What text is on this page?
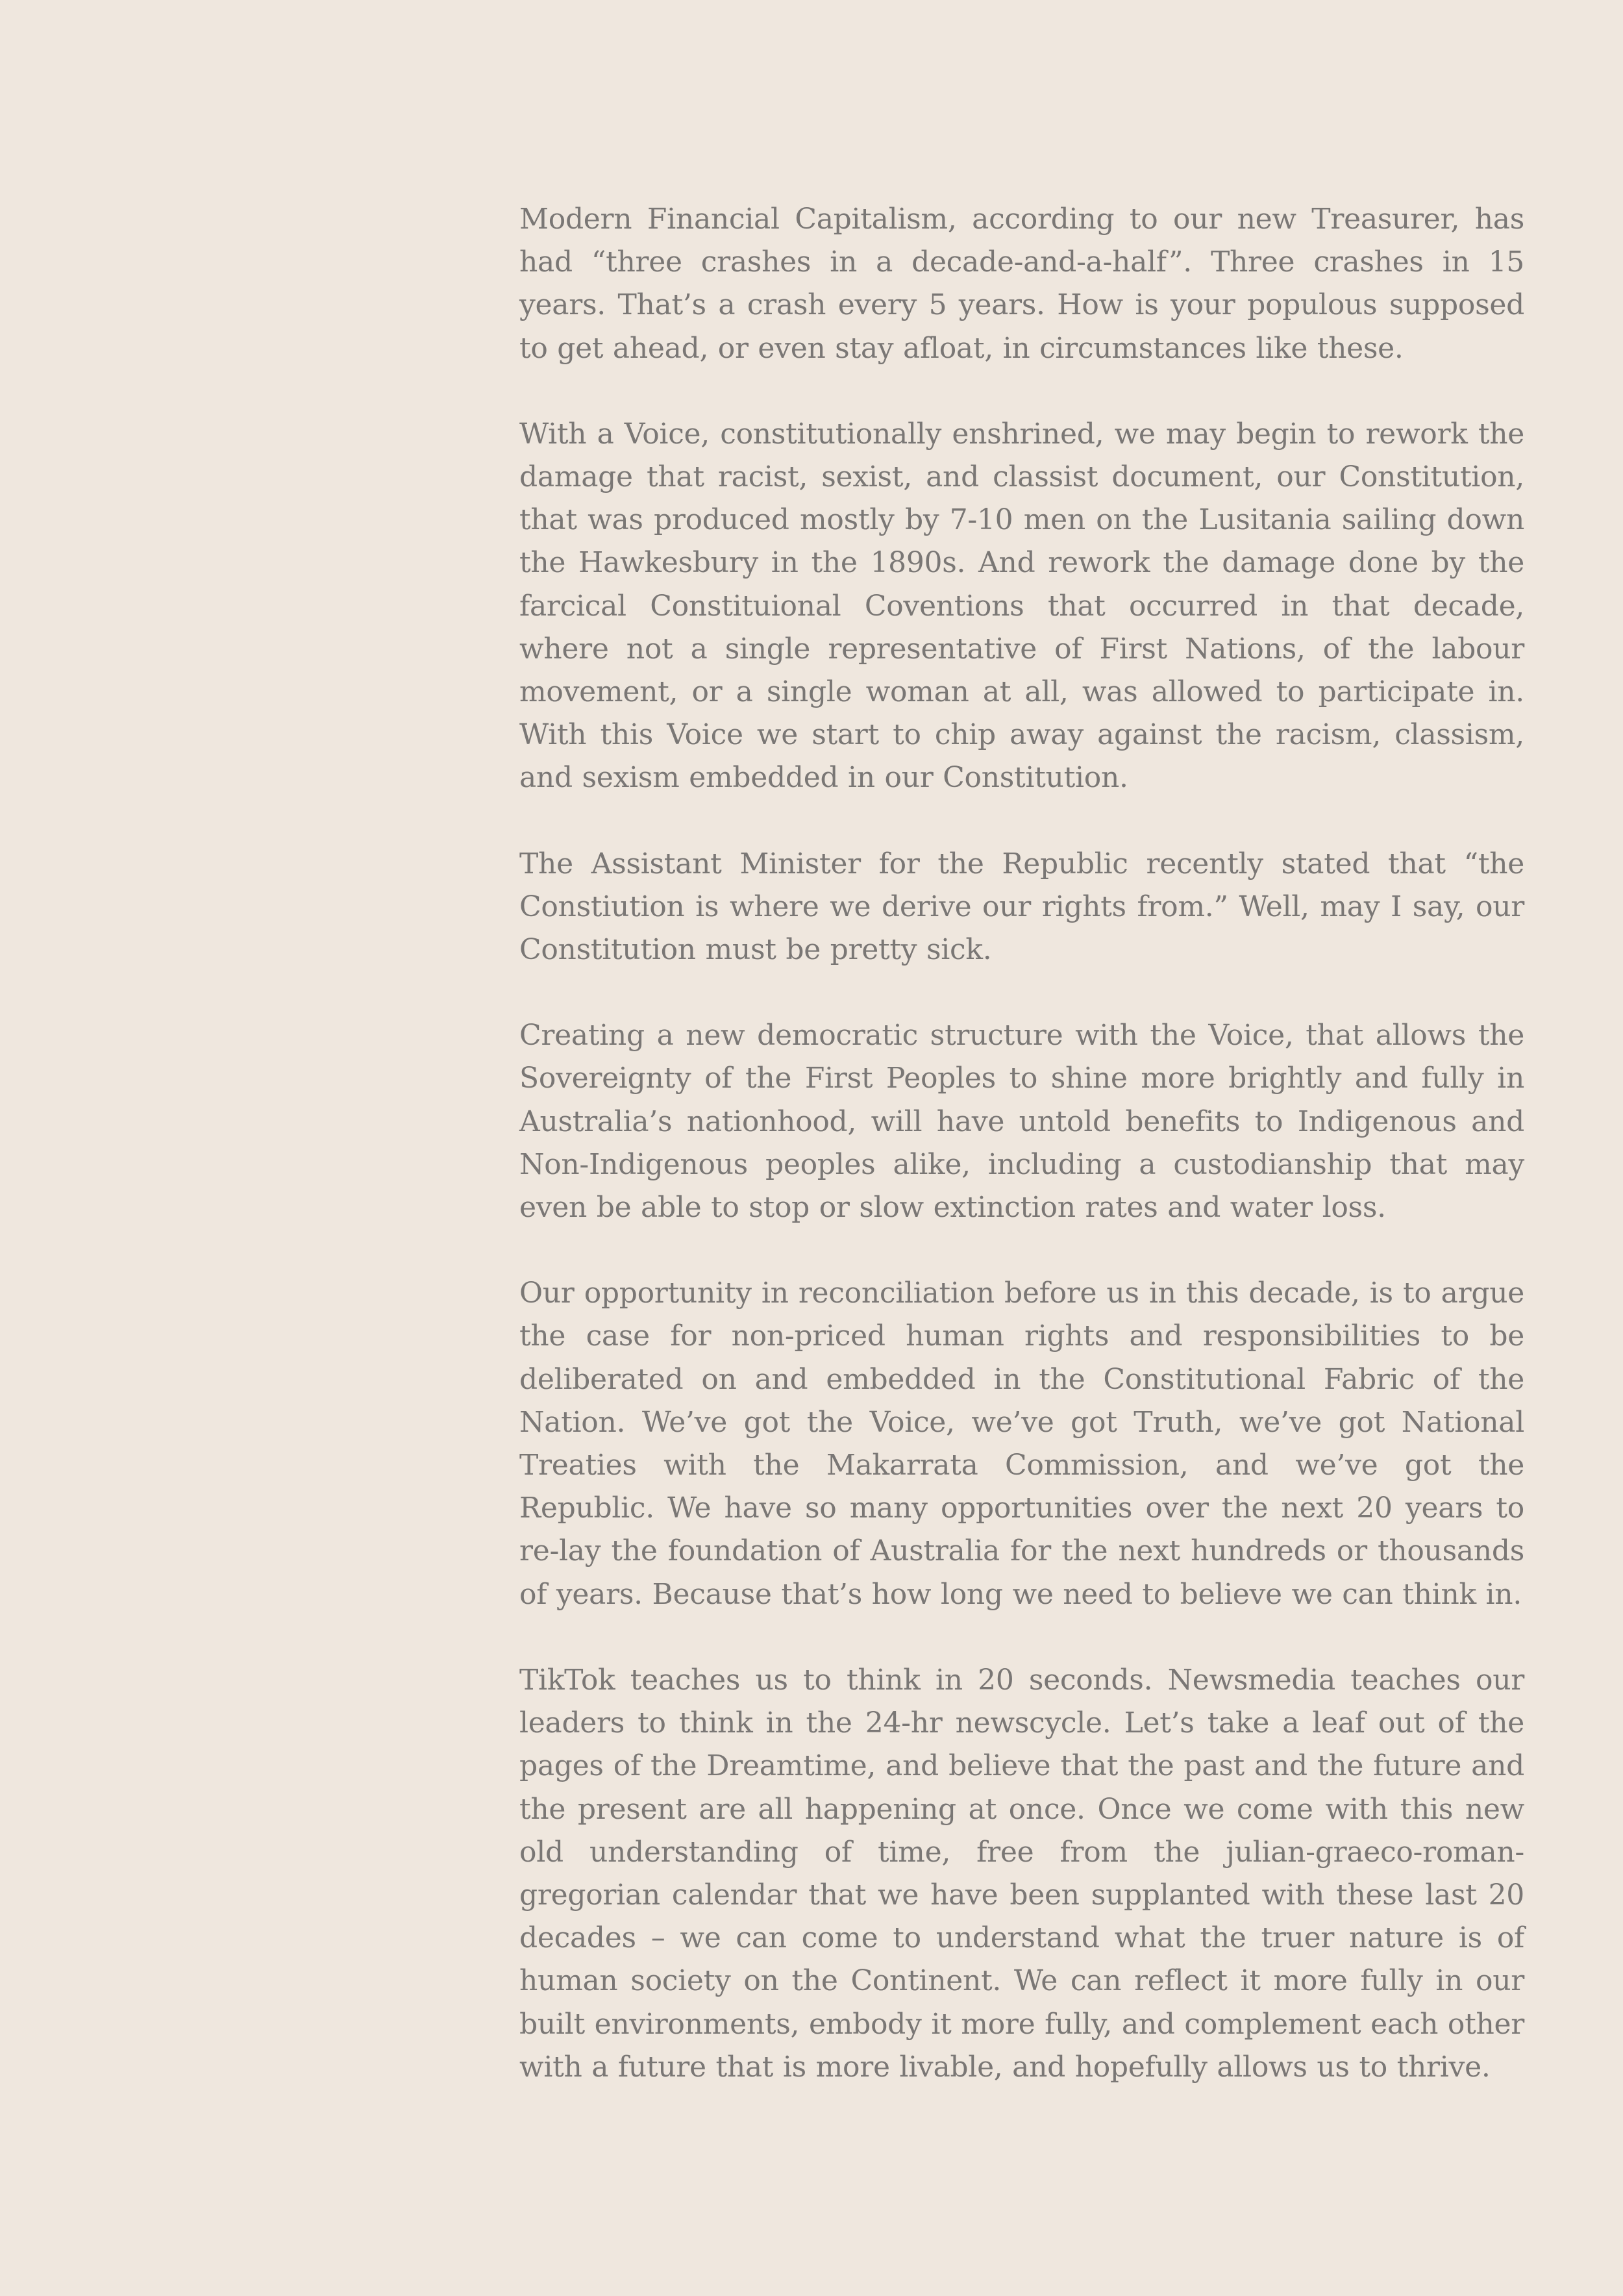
Modern Financial Capitalism, according to our new Treasurer, has had “three crashes in a decade-and-a-half”. Three crashes in 15 years. That’s a crash every 5 years. How is your populous supposed to get ahead, or even stay afloat, in circumstances like these.

With a Voice, constitutionally enshrined, we may begin to rework the damage that racist, sexist, and classist document, our Constitution, that was produced mostly by 7-10 men on the Lusitania sailing down the Hawkesbury in the 1890s. And rework the damage done by the farcical Constituional Coventions that occurred in that decade, where not a single representative of First Nations, of the labour movement, or a single woman at all, was allowed to participate in. With this Voice we start to chip away against the racism, classism, and sexism embedded in our Constitution.

The Assistant Minister for the Republic recently stated that “the Constiution is where we derive our rights from.” Well, may I say, our Constitution must be pretty sick.

Creating a new democratic structure with the Voice, that allows the Sovereignty of the First Peoples to shine more brightly and fully in Australia’s nationhood, will have untold benefits to Indigenous and Non-Indigenous peoples alike, including a custodianship that may even be able to stop or slow extinction rates and water loss.

Our opportunity in reconciliation before us in this decade, is to argue the case for non-priced human rights and responsibilities to be deliberated on and embedded in the Constitutional Fabric of the Nation. We’ve got the Voice, we’ve got Truth, we’ve got National Treaties with the Makarrata Commission, and we’ve got the Republic. We have so many opportunities over the next 20 years to re-lay the foundation of Australia for the next hundreds or thousands of years. Because that’s how long we need to believe we can think in.

TikTok teaches us to think in 20 seconds. Newsmedia teaches our leaders to think in the 24-hr newscycle. Let’s take a leaf out of the pages of the Dreamtime, and believe that the past and the future and the present are all happening at once. Once we come with this new old understanding of time, free from the julian-graeco-roman-gregorian calendar that we have been supplanted with these last 20 decades – we can come to understand what the truer nature is of human society on the Continent. We can reflect it more fully in our built environments, embody it more fully, and complement each other with a future that is more livable, and hopefully allows us to thrive.
